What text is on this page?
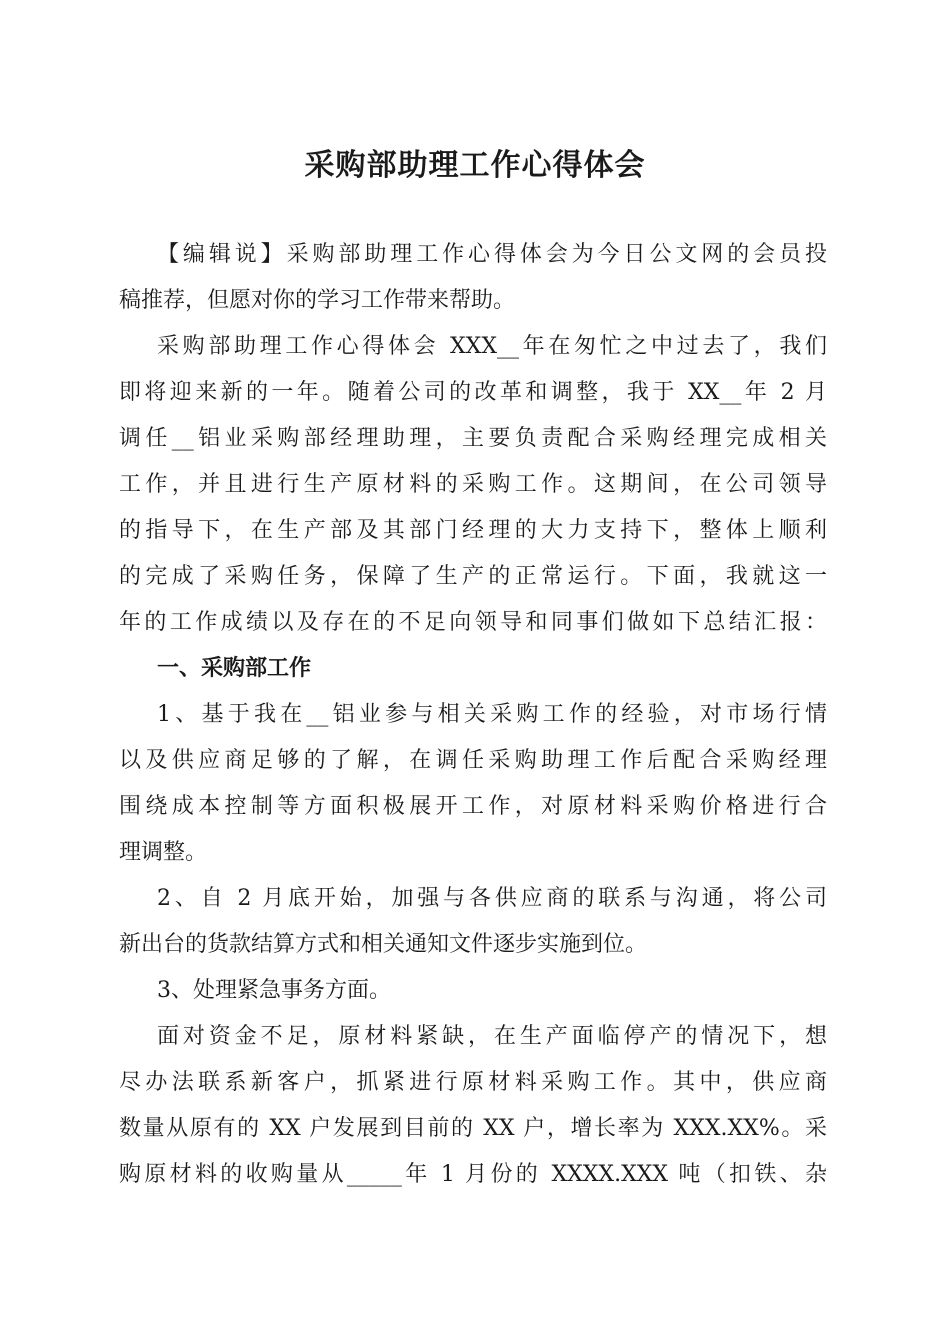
采购部助理工作心得体会
【编辑说】采购部助理工作心得体会为今日公文网的会员投
稿推荐，但愿对你的学习工作带来帮助。
采购部助理工作心得体会 XXX__年在匆忙之中过去了，我们
即将迎来新的一年。随着公司的改革和调整，我于 XX__年 2 月
调任__铝业采购部经理助理，主要负责配合采购经理完成相关
工作，并且进行生产原材料的采购工作。这期间，在公司领导
的指导下，在生产部及其部门经理的大力支持下，整体上顺利
的完成了采购任务，保障了生产的正常运行。下面，我就这一
年的工作成绩以及存在的不足向领导和同事们做如下总结汇报：
一、采购部工作
1、基于我在__铝业参与相关采购工作的经验，对市场行情
以及供应商足够的了解，在调任采购助理工作后配合采购经理
围绕成本控制等方面积极展开工作，对原材料采购价格进行合
理调整。
2、自 2 月底开始，加强与各供应商的联系与沟通，将公司
新出台的货款结算方式和相关通知文件逐步实施到位。
3、处理紧急事务方面。
面对资金不足，原材料紧缺，在生产面临停产的情况下，想
尽办法联系新客户，抓紧进行原材料采购工作。其中，供应商
数量从原有的 XX 户发展到目前的 XX 户，增长率为 XXX.XX%。采
购原材料的收购量从_____年 1 月份的 XXXX.XXX 吨（扣铁、杂
